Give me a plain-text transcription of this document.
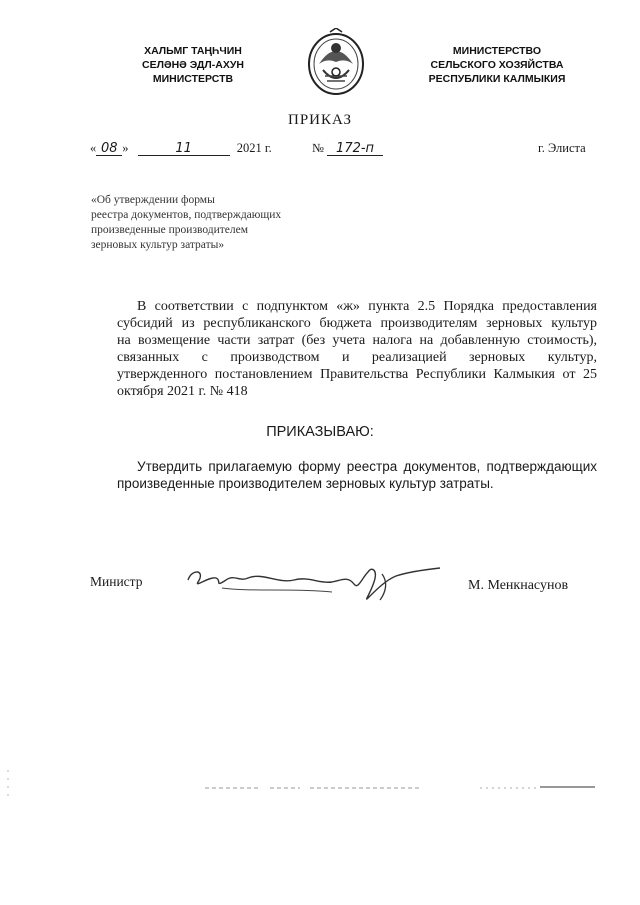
ХАЛЬМГ ТАҢҺЧИН
СЕЛӘНӘ ЭДЛ-АХУН
МИНИСТЕРСТВ
МИНИСТЕРСТВО
СЕЛЬСКОГО ХОЗЯЙСТВА
РЕСПУБЛИКИ КАЛМЫКИЯ
ПРИКАЗ
« 08 »	11	2021 г.	№ 172-п	г. Элиста
«Об утверждении формы
реестра документов, подтверждающих
произведенные производителем
зерновых культур затраты»
В соответствии с подпунктом «ж» пункта 2.5 Порядка предоставления
субсидий из республиканского бюджета производителям зерновых культур
на возмещение части затрат (без учета налога на добавленную стоимость),
связанных с производством и реализацией зерновых культур,
утвержденного постановлением Правительства Республики Калмыкия от 25
октября 2021 г. № 418
ПРИКАЗЫВАЮ:
Утвердить прилагаемую форму реестра документов, подтверждающих
произведенные производителем зерновых культур затраты.
Министр	М. Менкнасунов
